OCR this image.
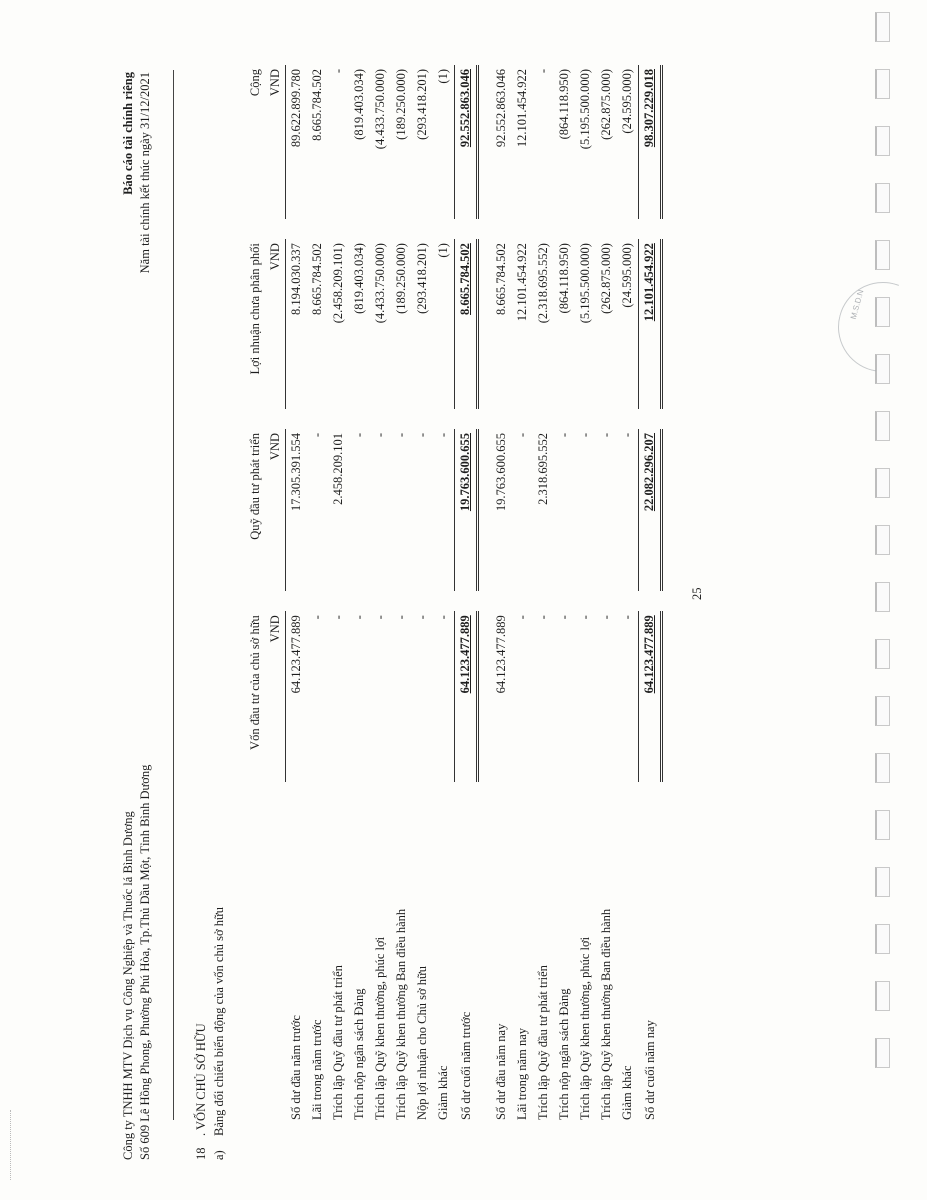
Công ty TNHH MTV Dịch vụ Công Nghiệp và Thuốc lá Bình Dương Số 609 Lê Hồng Phong, Phường Phú Hòa, Tp.Thủ Dầu Một, Tỉnh Bình Dương
Báo cáo tài chính riêng Năm tài chính kết thúc ngày 31/12/2021
18. VỐN CHỦ SỞ HỮU
a)Bảng đối chiếu biến động của vốn chủ sở hữu
		Vốn đầu tư của chủ sở hữu		Quỹ đầu tư phát triển		Lợi nhuận chưa phân phối		Cộng
		VND		VND		VND		VND
Số dư đầu năm trước		64.123.477.889		17.305.391.554		8.194.030.337		89.622.899.780
Lãi trong năm trước		-		-		8.665.784.502		8.665.784.502
Trích lập Quỹ đầu tư phát triển		-		2.458.209.101		(2.458.209.101)		-
Trích nộp ngân sách Đảng		-		-		(819.403.034)		(819.403.034)
Trích lập Quỹ khen thưởng, phúc lợi		-		-		(4.433.750.000)		(4.433.750.000)
Trích lập Quỹ khen thưởng Ban điều hành		-		-		(189.250.000)		(189.250.000)
Nộp lợi nhuận cho Chủ sở hữu		-		-		(293.418.201)		(293.418.201)
Giảm khác		-		-		(1)		(1)
Số dư cuối năm trước		64.123.477.889		19.763.600.655		8.665.784.502		92.552.863.046

Số dư đầu năm nay		64.123.477.889		19.763.600.655		8.665.784.502		92.552.863.046
Lãi trong năm nay		-		-		12.101.454.922		12.101.454.922
Trích lập Quỹ đầu tư phát triển		-		2.318.695.552		(2.318.695.552)		-
Trích nộp ngân sách Đảng		-		-		(864.118.950)		(864.118.950)
Trích lập Quỹ khen thưởng, phúc lợi		-		-		(5.195.500.000)		(5.195.500.000)
Trích lập Quỹ khen thưởng Ban điều hành		-		-		(262.875.000)		(262.875.000)
Giảm khác		-		-		(24.595.000)		(24.595.000)
Số dư cuối năm nay		64.123.477.889		22.082.296.207		12.101.454.922		98.307.229.018
25
M.S.D.N
